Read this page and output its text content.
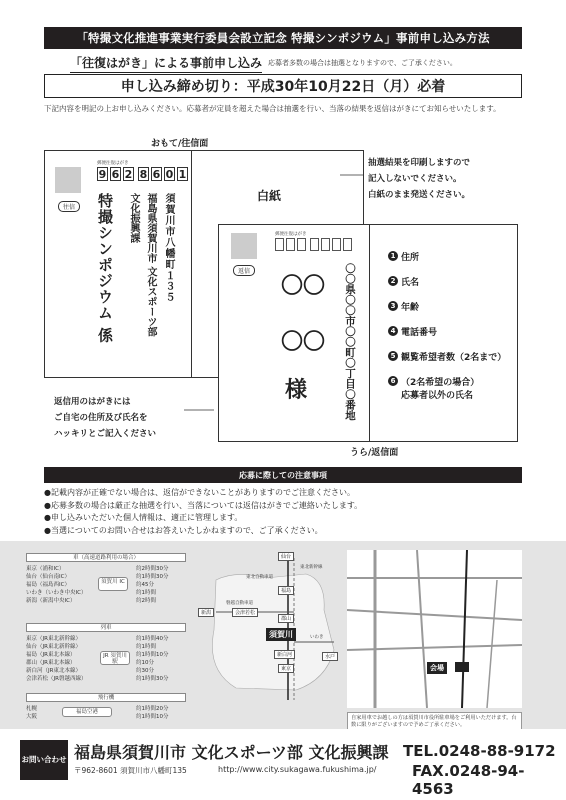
「特撮文化推進事業実行委員会設立記念 特撮シンポジウム」事前申し込み方法
「往復はがき」による事前申し込み 応募者多数の場合は抽選となりますので、ご了承ください。
申し込み締め切り：平成30年10月22日（月）必着
下記内容を明記の上お申し込みください。応募者が定員を超えた場合は抽選を行い、当落の結果を返信はがきにてお知らせいたします。
おもて/往信面
郵便往復はがき
9 6 2 8 6 0 1
往信	須賀川市八幡町１３５
福島県須賀川市 文化スポーツ部
文化振興課
特撮シンポジウム 係	白紙
郵便往復はがき
返信	〇〇県〇〇市〇〇町〇丁目〇番地
〇〇
〇〇
様
うら/返信面
抽選結果を印刷しますので
記入しないでください。
白紙のまま発送ください。
返信用のはがきには
ご自宅の住所及び氏名を
ハッキリとご記入ください
1 住所
2 氏名
3 年齢
4 電話番号
5 観覧希望者数（2名まで）
6 （2名希望の場合）
応募者以外の氏名
応募に際しての注意事項
●記載内容が正確でない場合は、返信ができないことがありますのでご注意ください。
●応募多数の場合は厳正な抽選を行い、当落については返信はがきでご連絡いたします。
●申し込みいただいた個人情報は、適正に管理します。
●当選についてのお問い合せはお答えいたしかねますので、ご了承ください。
車（高速道路利用の場合）
東京（浦和IC）	約2時間30分
仙台（仙台南IC）	約1時間30分
福島（福島西IC）	約45分
いわき（いわき中央IC）	約1時間
新潟（新潟中央IC）	約2時間
須賀川 IC
列車
東京（JR東北新幹線）	約1時間40分
仙台（JR東北新幹線）	約1時間
福島（JR東北本線）	約1時間10分
郡山（JR東北本線）	約10分
新白河（JR東北本線）	約30分
会津若松（JR磐越西線）	約1時間30分
JR 須賀川駅
飛行機
札幌	約1時間20分
大阪	約1時間10分
福島空港
仙台
東北新幹線
東北自動車道
福島
磐越自動車道
新潟	会津若松
郡山
須賀川	いわき
新白河	水戸
東京	会場
自家用車でお越しの方は須賀川市役所駐車場をご利用いただけます。台数に限りがございますので予めご了承ください。
お問い合わせ 福島県須賀川市 文化スポーツ部 文化振興課
〒962-8601 須賀川市八幡町135	http://www.city.sukagawa.fukushima.jp/
TEL.0248-88-9172
FAX.0248-94-4563
